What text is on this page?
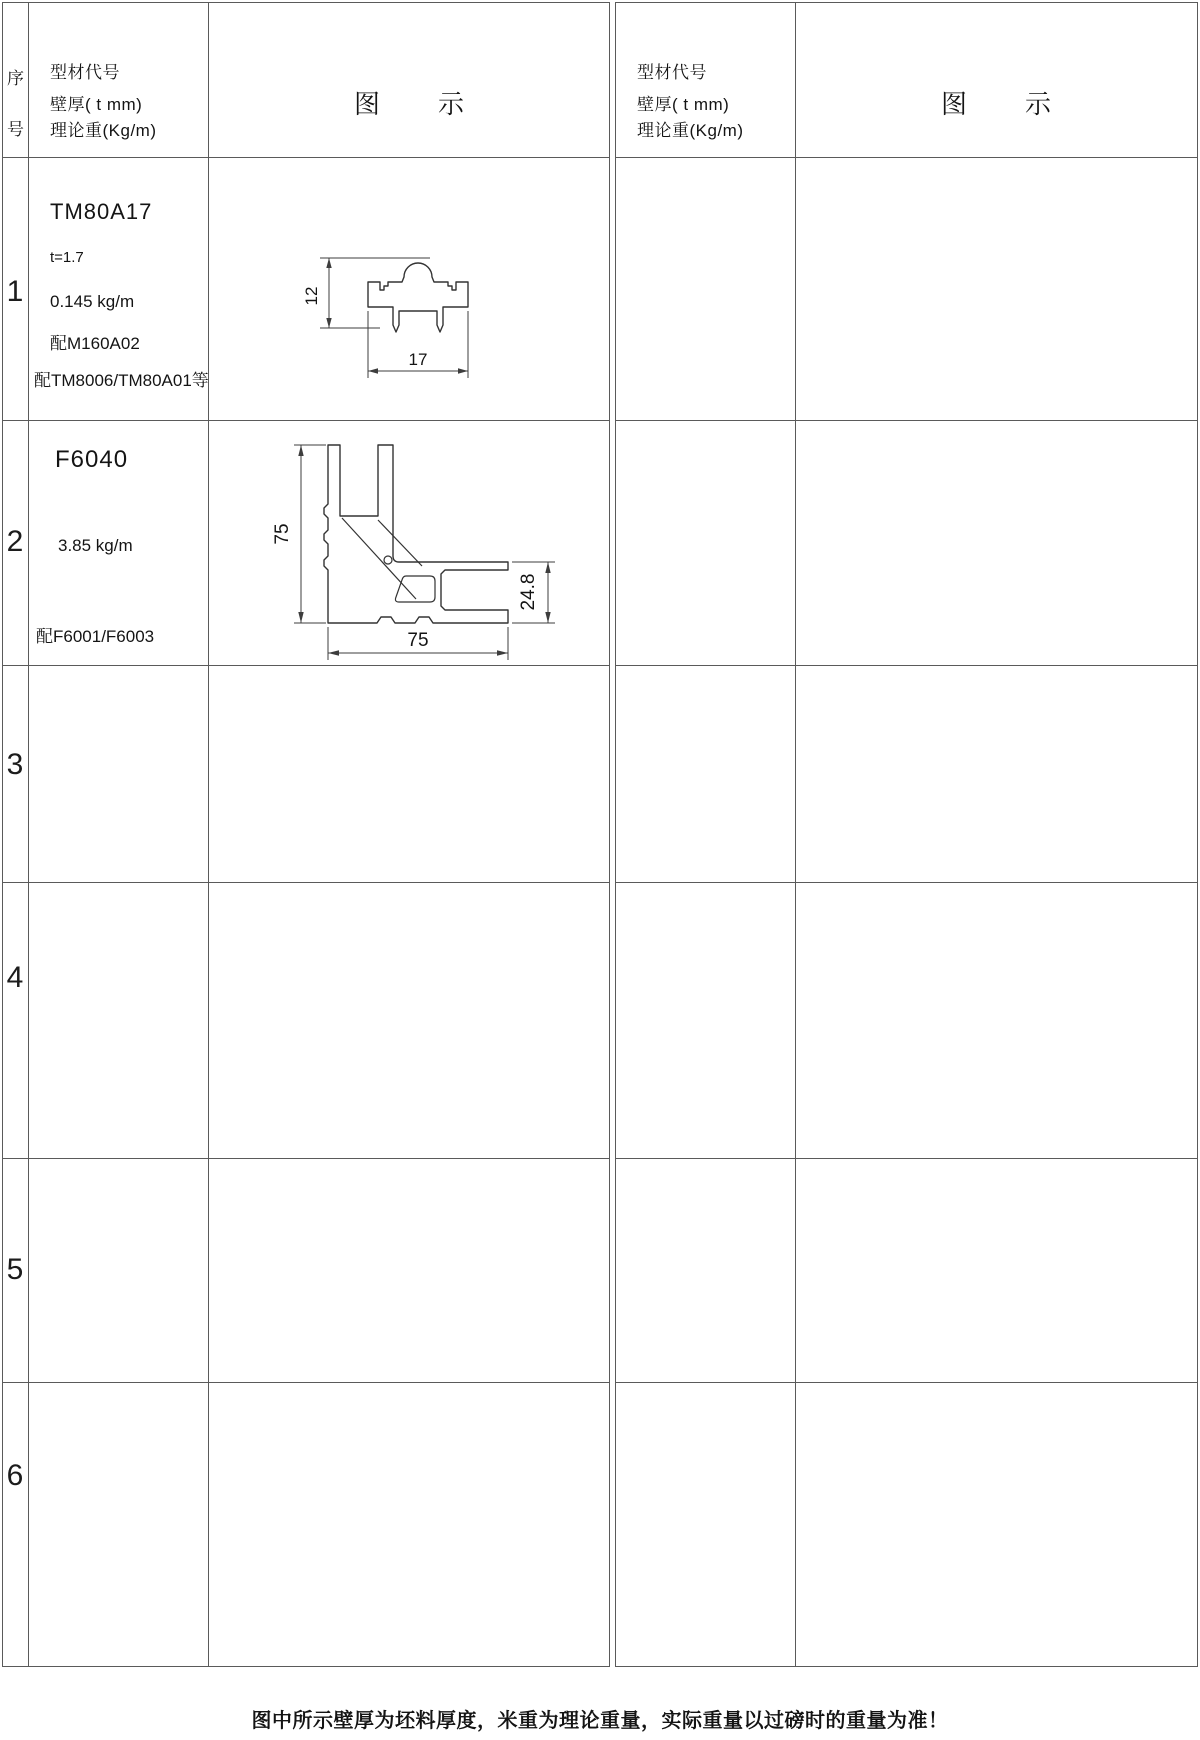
序
号
型材代号
壁厚( t mm)
理论重(Kg/m)
图 示
型材代号
壁厚( t mm)
理论重(Kg/m)
图 示
1
2
3
4
5
6
TM80A17
t=1.7
0.145 kg/m
配M160A02
配TM8006/TM80A01等
12
17
F6040
3.85 kg/m
配F6001/F6003
75
75
24.8
图中所示壁厚为坯料厚度，米重为理论重量，实际重量以过磅时的重量为准！
